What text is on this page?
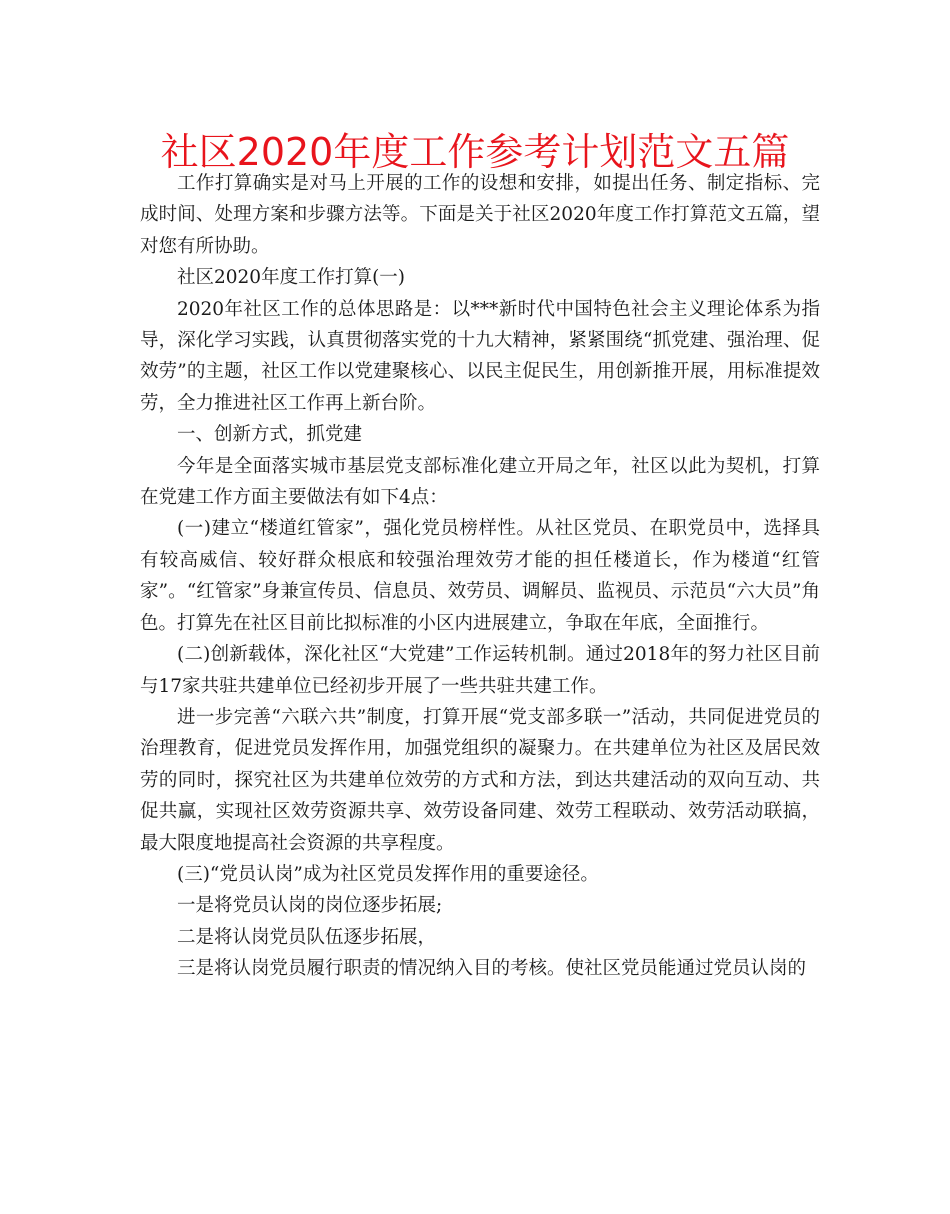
社区2020年度工作参考计划范文五篇

工作打算确实是对马上开展的工作的设想和安排，如提出任务、制定指标、完成时间、处理方案和步骤方法等。下面是关于社区2020年度工作打算范文五篇，望对您有所协助。

社区2020年度工作打算(一)

2020年社区工作的总体思路是：以***新时代中国特色社会主义理论体系为指导，深化学习实践，认真贯彻落实党的十九大精神，紧紧围绕“抓党建、强治理、促效劳”的主题，社区工作以党建聚核心、以民主促民生，用创新推开展，用标准提效劳，全力推进社区工作再上新台阶。

一、创新方式，抓党建

今年是全面落实城市基层党支部标准化建立开局之年，社区以此为契机，打算在党建工作方面主要做法有如下4点：

(一)建立“楼道红管家”，强化党员榜样性。从社区党员、在职党员中，选择具有较高威信、较好群众根底和较强治理效劳才能的担任楼道长，作为楼道“红管家”。“红管家”身兼宣传员、信息员、效劳员、调解员、监视员、示范员“六大员”角色。打算先在社区目前比拟标准的小区内进展建立，争取在年底，全面推行。

(二)创新载体，深化社区“大党建”工作运转机制。通过2018年的努力社区目前与17家共驻共建单位已经初步开展了一些共驻共建工作。

进一步完善“六联六共”制度，打算开展“党支部多联一”活动，共同促进党员的治理教育，促进党员发挥作用，加强党组织的凝聚力。在共建单位为社区及居民效劳的同时，探究社区为共建单位效劳的方式和方法，到达共建活动的双向互动、共促共赢，实现社区效劳资源共享、效劳设备同建、效劳工程联动、效劳活动联搞，最大限度地提高社会资源的共享程度。

(三)“党员认岗”成为社区党员发挥作用的重要途径。

一是将党员认岗的岗位逐步拓展;

二是将认岗党员队伍逐步拓展，

三是将认岗党员履行职责的情况纳入目的考核。使社区党员能通过党员认岗的
